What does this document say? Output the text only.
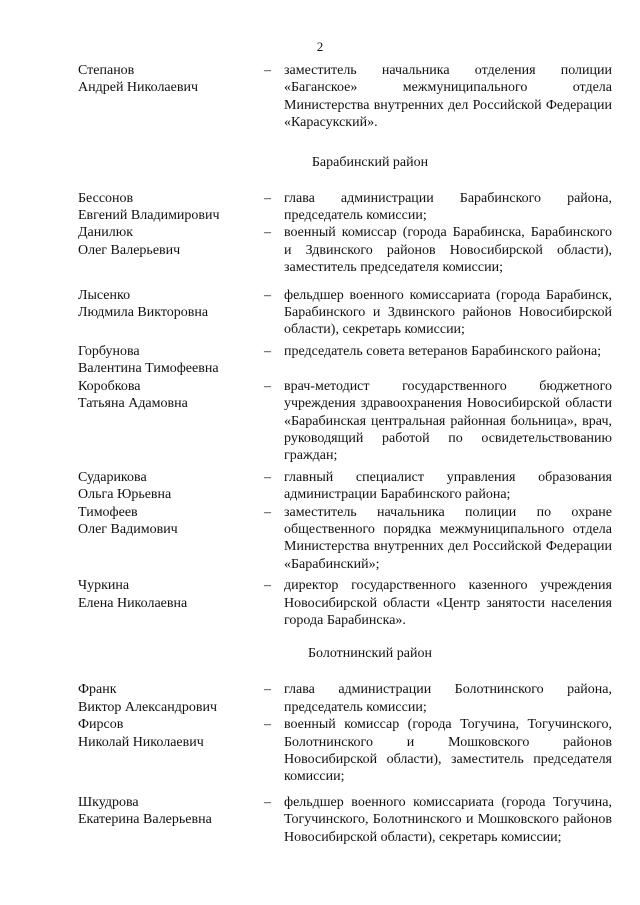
2
Степанов
Андрей Николаевич
– заместитель начальника отделения полиции «Баганское» межмуниципального отдела Министерства внутренних дел Российской Федерации «Карасукский».
Барабинский район
Бессонов
Евгений Владимирович
– глава администрации Барабинского района, председатель комиссии;
Данилюк
Олег Валерьевич
– военный комиссар (города Барабинска, Барабинского и Здвинского районов Новосибирской области), заместитель председателя комиссии;
Лысенко
Людмила Викторовна
– фельдшер военного комиссариата (города Барабинск, Барабинского и Здвинского районов Новосибирской области), секретарь комиссии;
Горбунова
Валентина Тимофеевна
– председатель совета ветеранов Барабинского района;
Коробкова
Татьяна Адамовна
– врач-методист государственного бюджетного учреждения здравоохранения Новосибирской области «Барабинская центральная районная больница», врач, руководящий работой по освидетельствованию граждан;
Сударикова
Ольга Юрьевна
– главный специалист управления образования администрации Барабинского района;
Тимофеев
Олег Вадимович
– заместитель начальника полиции по охране общественного порядка межмуниципального отдела Министерства внутренних дел Российской Федерации «Барабинский»;
Чуркина
Елена Николаевна
– директор государственного казенного учреждения Новосибирской области «Центр занятости населения города Барабинска».
Болотнинский район
Франк
Виктор Александрович
– глава администрации Болотнинского района, председатель комиссии;
Фирсов
Николай Николаевич
– военный комиссар (города Тогучина, Тогучинского, Болотнинского и Мошковского районов Новосибирской области), заместитель председателя комиссии;
Шкудрова
Екатерина Валерьевна
– фельдшер военного комиссариата (города Тогучина, Тогучинского, Болотнинского и Мошковского районов Новосибирской области), секретарь комиссии;
